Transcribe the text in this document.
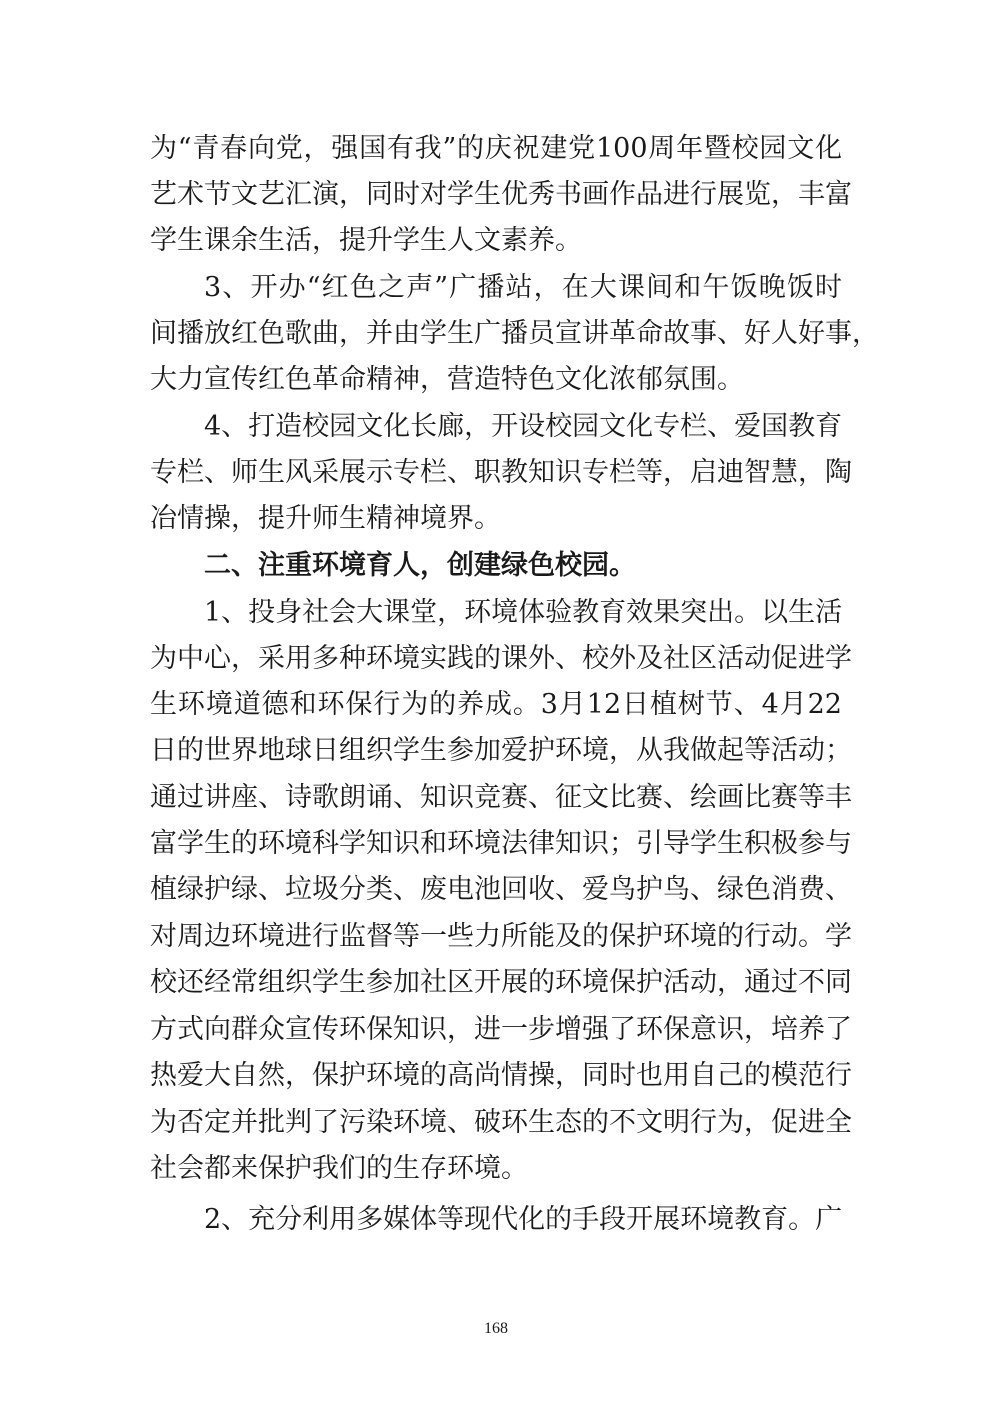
为“青春向党，强国有我”的庆祝建党100周年暨校园文化
艺术节文艺汇演，同时对学生优秀书画作品进行展览，丰富
学生课余生活，提升学生人文素养。
3、开办“红色之声”广播站，在大课间和午饭晚饭时
间播放红色歌曲，并由学生广播员宣讲革命故事、好人好事，
大力宣传红色革命精神，营造特色文化浓郁氛围。
4、打造校园文化长廊，开设校园文化专栏、爱国教育
专栏、师生风采展示专栏、职教知识专栏等，启迪智慧，陶
冶情操，提升师生精神境界。
二、注重环境育人，创建绿色校园。
1、投身社会大课堂，环境体验教育效果突出。以生活
为中心，采用多种环境实践的课外、校外及社区活动促进学
生环境道德和环保行为的养成。3月12日植树节、4月22
日的世界地球日组织学生参加爱护环境，从我做起等活动；
通过讲座、诗歌朗诵、知识竞赛、征文比赛、绘画比赛等丰
富学生的环境科学知识和环境法律知识；引导学生积极参与
植绿护绿、垃圾分类、废电池回收、爱鸟护鸟、绿色消费、
对周边环境进行监督等一些力所能及的保护环境的行动。学
校还经常组织学生参加社区开展的环境保护活动，通过不同
方式向群众宣传环保知识，进一步增强了环保意识，培养了
热爱大自然，保护环境的高尚情操，同时也用自己的模范行
为否定并批判了污染环境、破环生态的不文明行为，促进全
社会都来保护我们的生存环境。
2、充分利用多媒体等现代化的手段开展环境教育。广
168
